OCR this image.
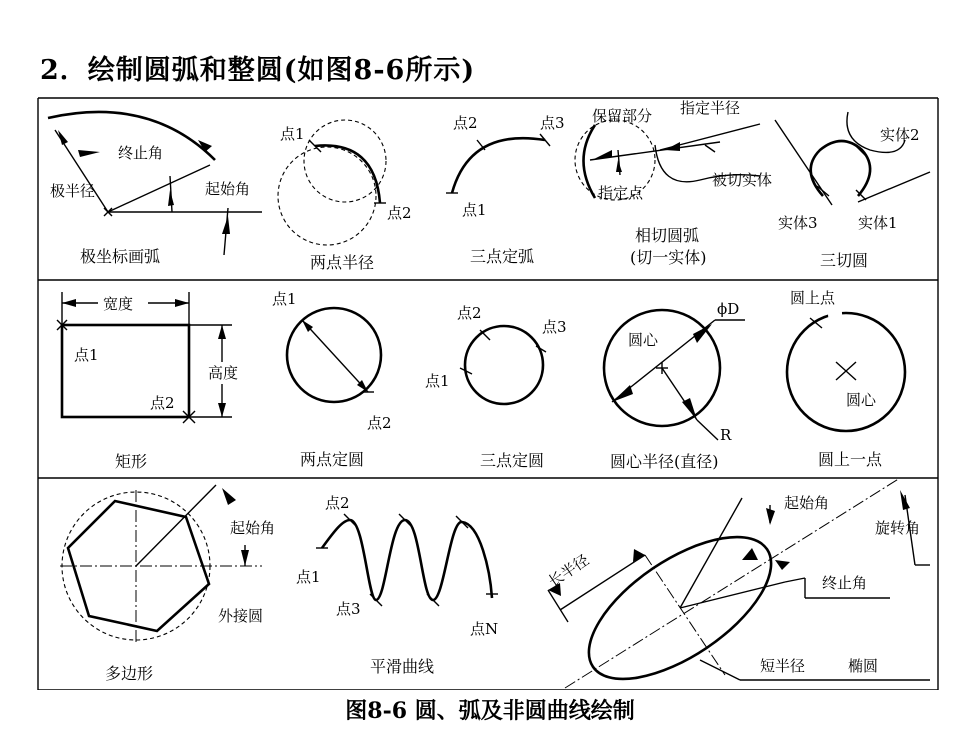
2．绘制圆弧和整圆(如图8-6所示)
终止角
极半径	起始角
极坐标画弧
点1
点2
两点半径
点2	点3
点1
三点定弧
保留部分 指定半径
指定点
被切实体
相切圆弧
(切一实体)
实体2
实体3	实体1
三切圆
宽度
高度
点1
点2
矩形
点1
点2
两点定圆
点2
点3
点1
三点定圆
ϕD
圆心
R
圆心半径(直径)
圆上点
圆心
圆上一点
起始角
外接圆
多边形
点2
点1
点3
点N
平滑曲线
长半径
起始角
旋转角
终止角
短半径	椭圆
图8-6 圆、弧及非圆曲线绘制
